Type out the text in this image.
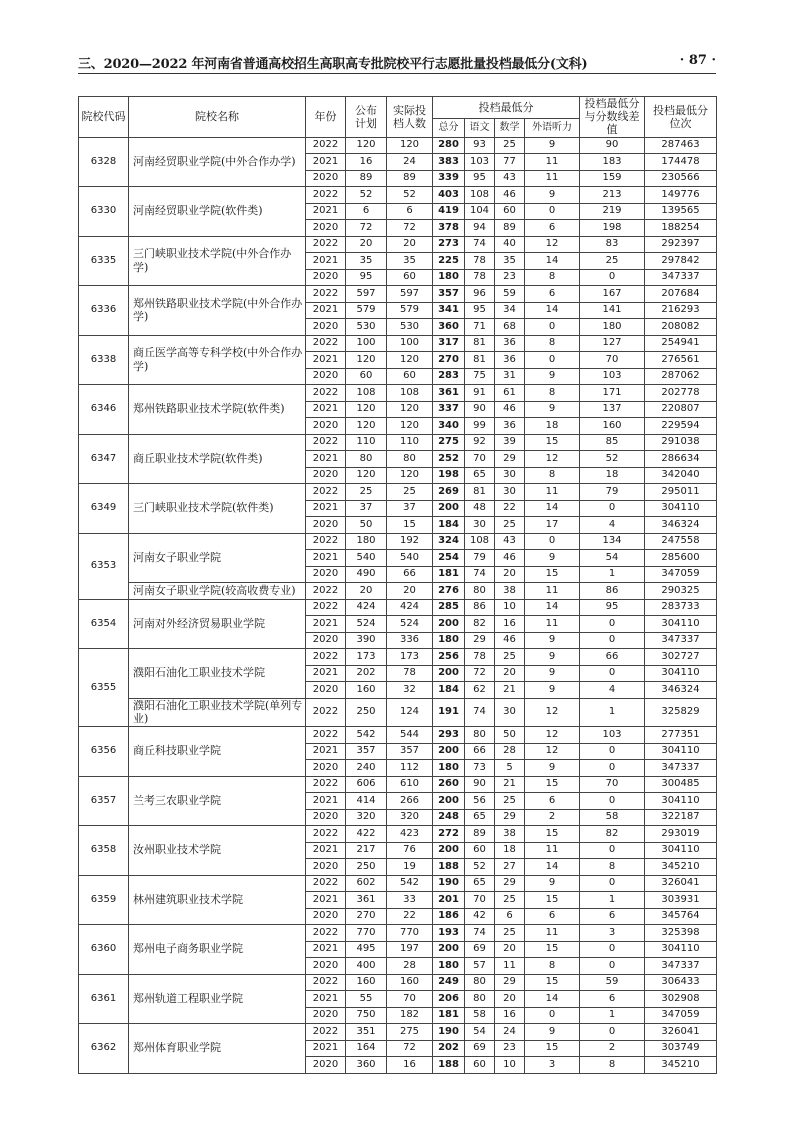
三、2020—2022 年河南省普通高校招生高职高专批院校平行志愿批量投档最低分(文科)	· 87 ·
院校代码	院校名称	年份	公布计划	实际投档人数	投档最低分				投档最低分与分数线差值	投档最低分位次
					总分	语文	数学	外语听力		
6328	河南经贸职业学院(中外合作办学)	2022	120	120	280	93	25	9	90	287463
		2021	16	24	383	103	77	11	183	174478
		2020	89	89	339	95	43	11	159	230566
6330	河南经贸职业学院(软件类)	2022	52	52	403	108	46	9	213	149776
		2021	6	6	419	104	60	0	219	139565
		2020	72	72	378	94	89	6	198	188254
6335	三门峡职业技术学院(中外合作办学)	2022	20	20	273	74	40	12	83	292397
		2021	35	35	225	78	35	14	25	297842
		2020	95	60	180	78	23	8	0	347337
6336	郑州铁路职业技术学院(中外合作办学)	2022	597	597	357	96	59	6	167	207684
		2021	579	579	341	95	34	14	141	216293
		2020	530	530	360	71	68	0	180	208082
6338	商丘医学高等专科学校(中外合作办学)	2022	100	100	317	81	36	8	127	254941
		2021	120	120	270	81	36	0	70	276561
		2020	60	60	283	75	31	9	103	287062
6346	郑州铁路职业技术学院(软件类)	2022	108	108	361	91	61	8	171	202778
		2021	120	120	337	90	46	9	137	220807
		2020	120	120	340	99	36	18	160	229594
6347	商丘职业技术学院(软件类)	2022	110	110	275	92	39	15	85	291038
		2021	80	80	252	70	29	12	52	286634
		2020	120	120	198	65	30	8	18	342040
6349	三门峡职业技术学院(软件类)	2022	25	25	269	81	30	11	79	295011
		2021	37	37	200	48	22	14	0	304110
		2020	50	15	184	30	25	17	4	346324
6353	河南女子职业学院	2022	180	192	324	108	43	0	134	247558
		2021	540	540	254	79	46	9	54	285600
		2020	490	66	181	74	20	15	1	347059
	河南女子职业学院(较高收费专业)	2022	20	20	276	80	38	11	86	290325
6354	河南对外经济贸易职业学院	2022	424	424	285	86	10	14	95	283733
		2021	524	524	200	82	16	11	0	304110
		2020	390	336	180	29	46	9	0	347337
6355	濮阳石油化工职业技术学院	2022	173	173	256	78	25	9	66	302727
		2021	202	78	200	72	20	9	0	304110
		2020	160	32	184	62	21	9	4	346324
	濮阳石油化工职业技术学院(单列专业)	2022	250	124	191	74	30	12	1	325829
6356	商丘科技职业学院	2022	542	544	293	80	50	12	103	277351
		2021	357	357	200	66	28	12	0	304110
		2020	240	112	180	73	5	9	0	347337
6357	兰考三农职业学院	2022	606	610	260	90	21	15	70	300485
		2021	414	266	200	56	25	6	0	304110
		2020	320	320	248	65	29	2	58	322187
6358	汝州职业技术学院	2022	422	423	272	89	38	15	82	293019
		2021	217	76	200	60	18	11	0	304110
		2020	250	19	188	52	27	14	8	345210
6359	林州建筑职业技术学院	2022	602	542	190	65	29	9	0	326041
		2021	361	33	201	70	25	15	1	303931
		2020	270	22	186	42	6	6	6	345764
6360	郑州电子商务职业学院	2022	770	770	193	74	25	11	3	325398
		2021	495	197	200	69	20	15	0	304110
		2020	400	28	180	57	11	8	0	347337
6361	郑州轨道工程职业学院	2022	160	160	249	80	29	15	59	306433
		2021	55	70	206	80	20	14	6	302908
		2020	750	182	181	58	16	0	1	347059
6362	郑州体育职业学院	2022	351	275	190	54	24	9	0	326041
		2021	164	72	202	69	23	15	2	303749
		2020	360	16	188	60	10	3	8	345210
